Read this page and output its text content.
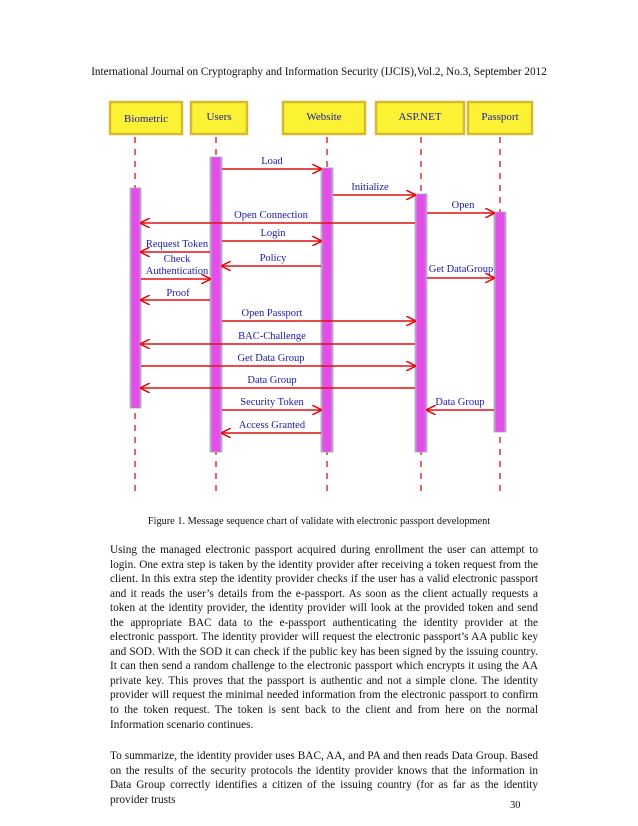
International Journal on Cryptography and Information Security (IJCIS),Vol.2, No.3, September 2012
Biometric	Users	Website	ASP.NET	Passport
Load
Initialize
Open
Open Connection
Login
Request Token
Check
Authentication
Policy
Get DataGroup
Proof
Open Passport
BAC-Challenge
Get Data Group
Data Group
Data Group
Security Token
Access Granted
Figure 1. Message sequence chart of validate with electronic passport development

Using the managed electronic passport acquired during enrollment the user can attempt to login. One extra step is taken by the identity provider after receiving a token request from the client. In this extra step the identity provider checks if the user has a valid electronic passport and it reads the user’s details from the e-passport. As soon as the client actually requests a token at the identity provider, the identity provider will look at the provided token and send the appropriate BAC data to the e-passport authenticating the identity provider at the electronic passport. The identity provider will request the electronic passport’s AA public key and SOD. With the SOD it can check if the public key has been signed by the issuing country. It can then send a random challenge to the electronic passport which encrypts it using the AA private key. This proves that the passport is authentic and not a simple clone. The identity provider will request the minimal needed information from the electronic passport to confirm to the token request. The token is sent back to the client and from here on the normal Information scenario continues.

To summarize, the identity provider uses BAC, AA, and PA and then reads Data Group. Based on the results of the security protocols the identity provider knows that the information in Data Group correctly identifies a citizen of the issuing country (for as far as the identity provider trusts	30
